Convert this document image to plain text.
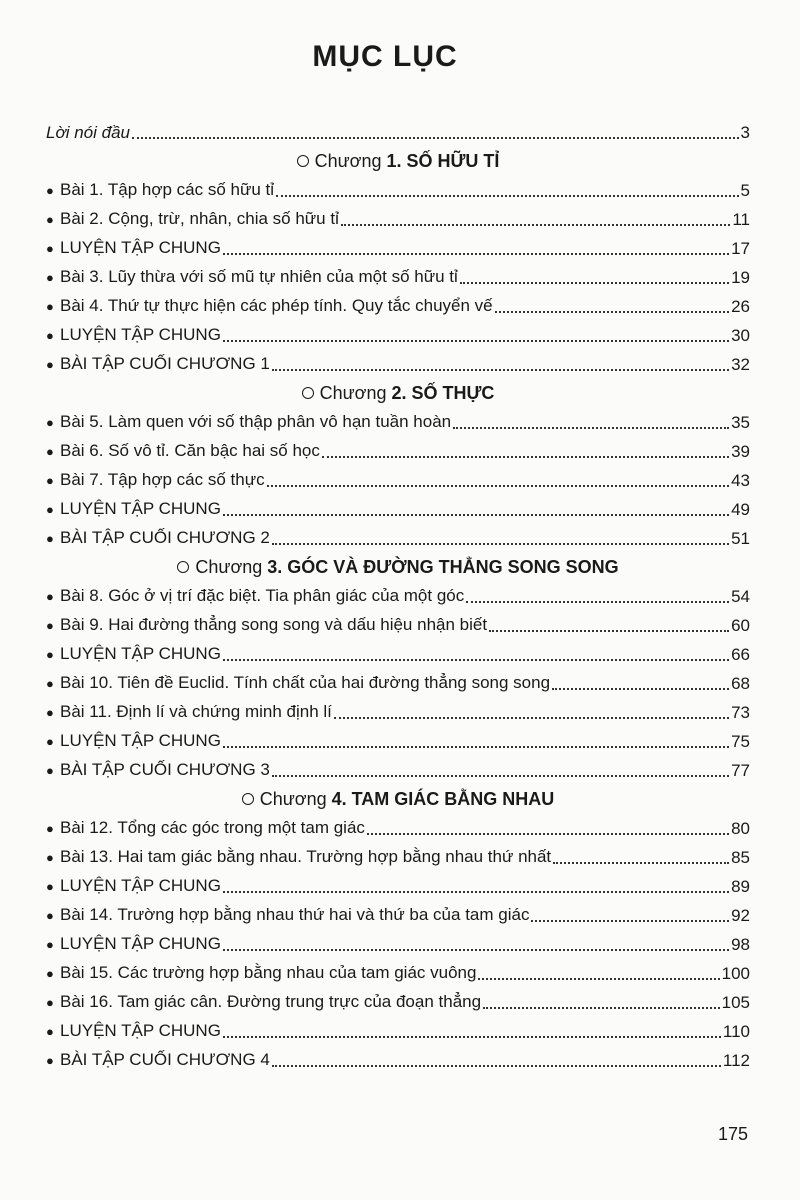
MỤC LỤC
Lời nói đầu	3
Chương 1. SỐ HỮU TỈ
● Bài 1. Tập hợp các số hữu tỉ	5
● Bài 2. Cộng, trừ, nhân, chia số hữu tỉ	11
● LUYỆN TẬP CHUNG	17
● Bài 3. Lũy thừa với số mũ tự nhiên của một số hữu tỉ	19
● Bài 4. Thứ tự thực hiện các phép tính. Quy tắc chuyển vế	26
● LUYỆN TẬP CHUNG	30
● BÀI TẬP CUỐI CHƯƠNG 1	32
Chương 2. SỐ THỰC
● Bài 5. Làm quen với số thập phân vô hạn tuần hoàn	35
● Bài 6. Số vô tỉ. Căn bậc hai số học	39
● Bài 7. Tập hợp các số thực	43
● LUYỆN TẬP CHUNG	49
● BÀI TẬP CUỐI CHƯƠNG 2	51
Chương 3. GÓC VÀ ĐƯỜNG THẲNG SONG SONG
● Bài 8. Góc ở vị trí đặc biệt. Tia phân giác của một góc	54
● Bài 9. Hai đường thẳng song song và dấu hiệu nhận biết	60
● LUYỆN TẬP CHUNG	66
● Bài 10. Tiên đề Euclid. Tính chất của hai đường thẳng song song	68
● Bài 11. Định lí và chứng minh định lí	73
● LUYỆN TẬP CHUNG	75
● BÀI TẬP CUỐI CHƯƠNG 3	77
Chương 4. TAM GIÁC BẰNG NHAU
● Bài 12. Tổng các góc trong một tam giác	80
● Bài 13. Hai tam giác bằng nhau. Trường hợp bằng nhau thứ nhất	85
● LUYỆN TẬP CHUNG	89
● Bài 14. Trường hợp bằng nhau thứ hai và thứ ba của tam giác	92
● LUYỆN TẬP CHUNG	98
● Bài 15. Các trường hợp bằng nhau của tam giác vuông	100
● Bài 16. Tam giác cân. Đường trung trực của đoạn thẳng	105
● LUYỆN TẬP CHUNG	110
● BÀI TẬP CUỐI CHƯƠNG 4	112
175
